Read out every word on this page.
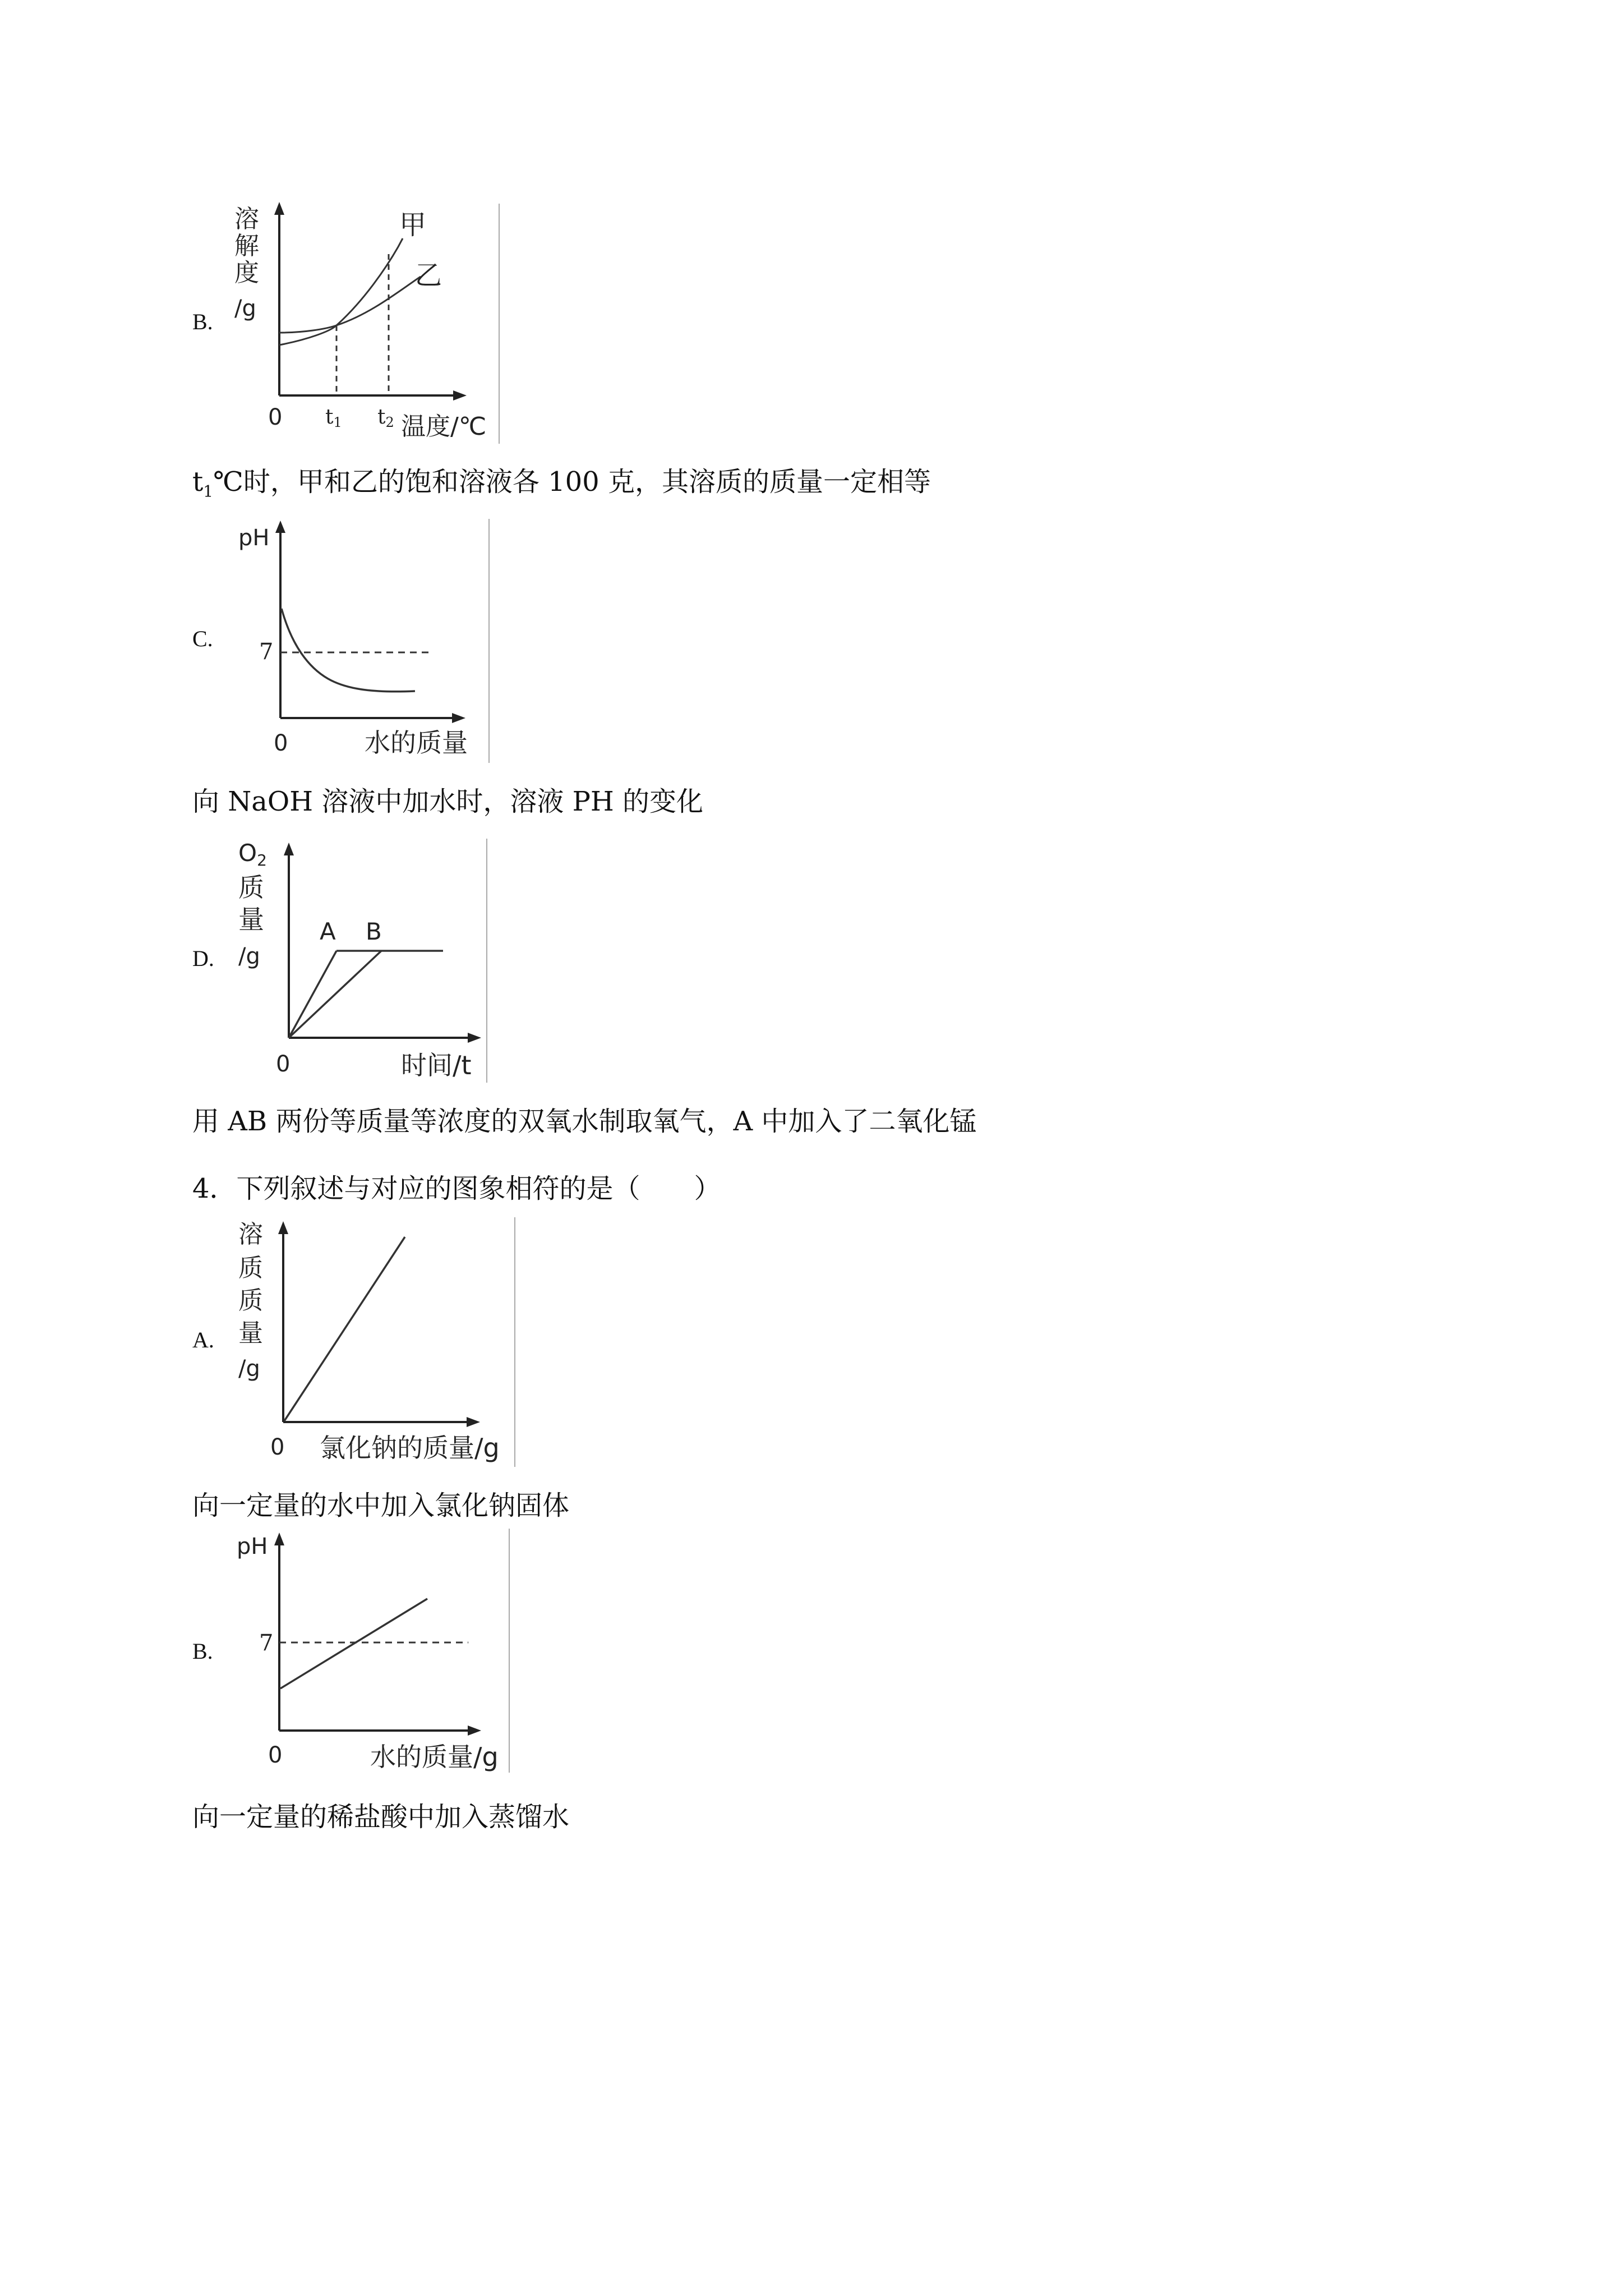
B.
溶
解
度
/g
0 t1 t2 温度/℃
甲
乙
$t_1℃$时，甲和乙的饱和溶液各 100 克，其溶质的质量一定相等
C.
pH
7
0	水的质量
向 NaOH 溶液中加水时，溶液 PH 的变化
D.
O2
质
量
/g
A B
0	时间/t
用 AB 两份等质量等浓度的双氧水制取氧气，A 中加入了二氧化锰
4．下列叙述与对应的图象相符的是（　　）
A.
溶
质
质
量
/g
0 氯化钠的质量/g
向一定量的水中加入氯化钠固体
B.
pH
7
0	水的质量/g
向一定量的稀盐酸中加入蒸馏水
